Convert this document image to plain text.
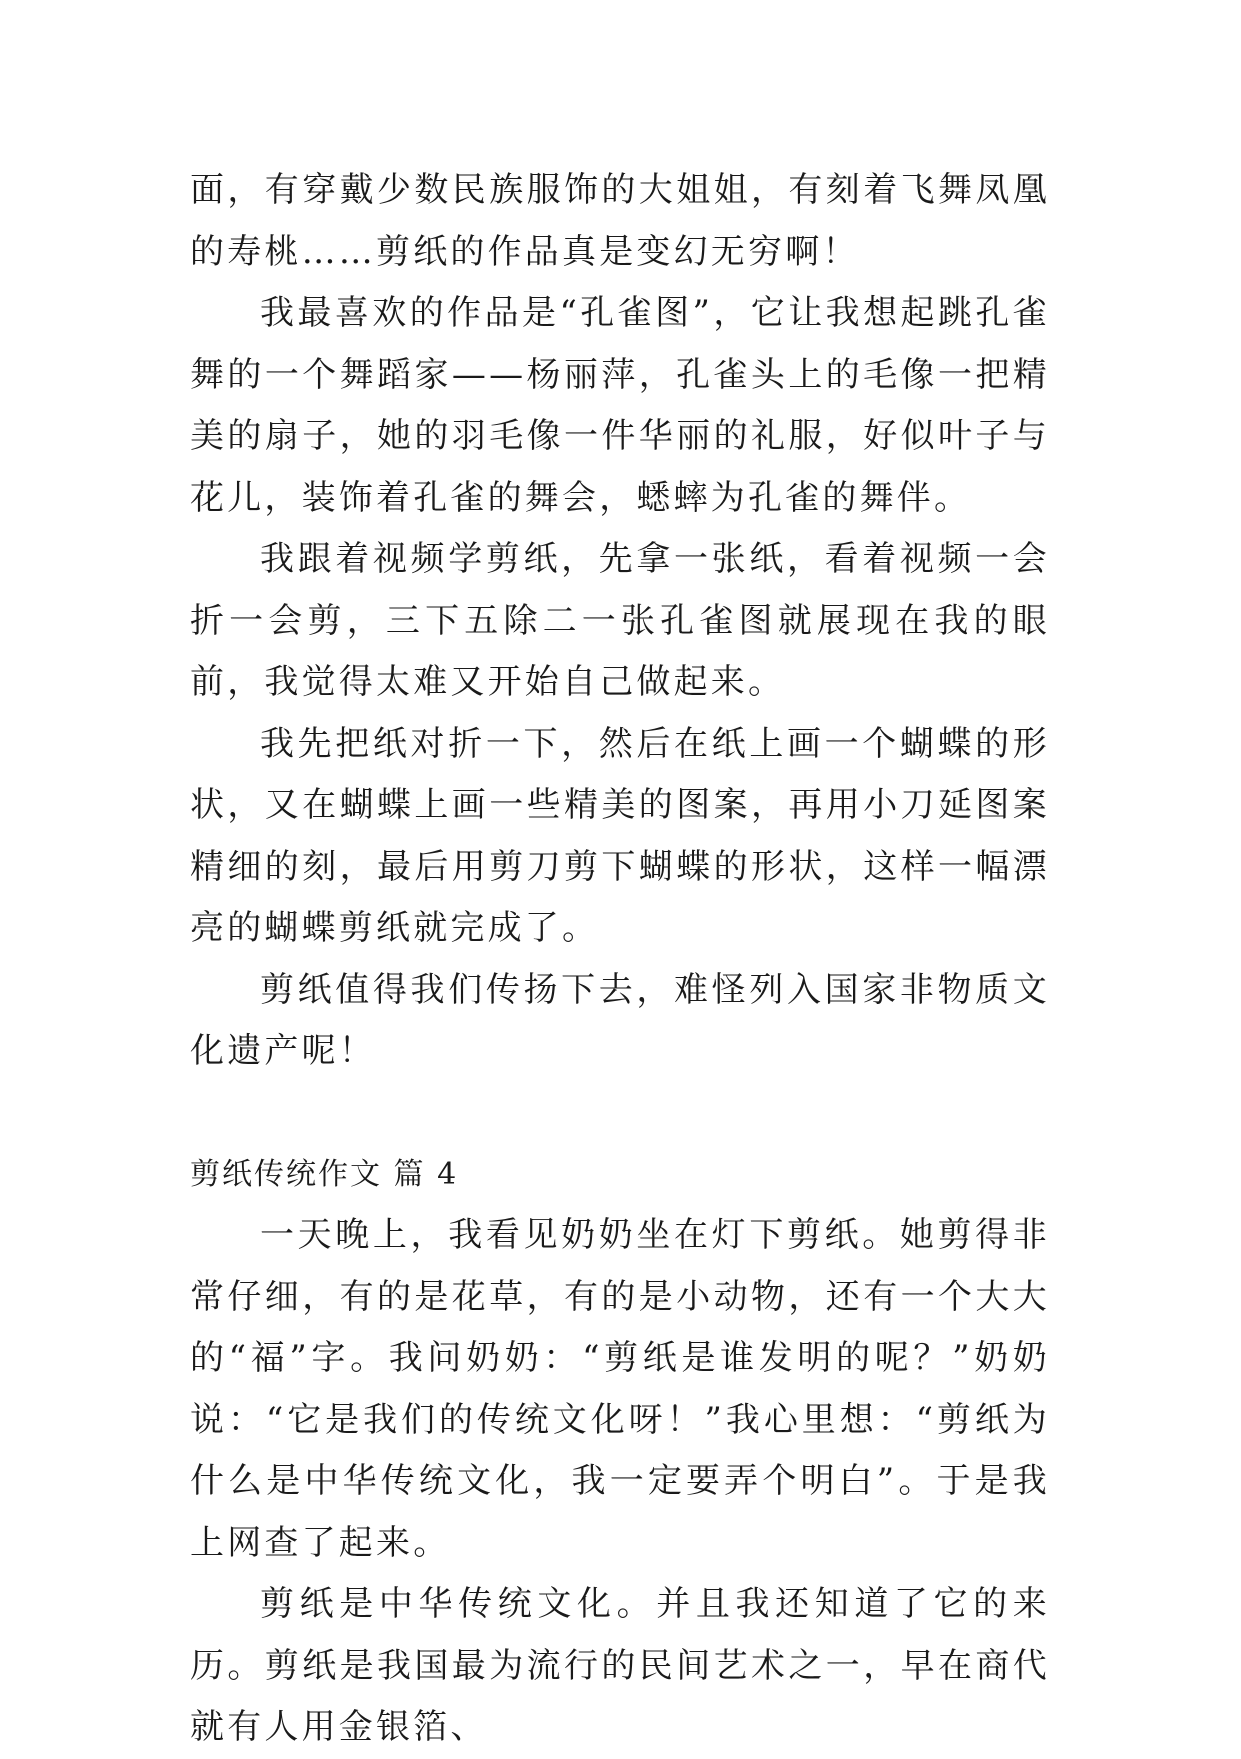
面，有穿戴少数民族服饰的大姐姐，有刻着飞舞凤凰的寿桃……剪纸的作品真是变幻无穷啊！

我最喜欢的作品是“孔雀图”，它让我想起跳孔雀舞的一个舞蹈家——杨丽萍，孔雀头上的毛像一把精美的扇子，她的羽毛像一件华丽的礼服，好似叶子与花儿，装饰着孔雀的舞会，蟋蟀为孔雀的舞伴。

我跟着视频学剪纸，先拿一张纸，看着视频一会折一会剪，三下五除二一张孔雀图就展现在我的眼前，我觉得太难又开始自己做起来。

我先把纸对折一下，然后在纸上画一个蝴蝶的形状，又在蝴蝶上画一些精美的图案，再用小刀延图案精细的刻，最后用剪刀剪下蝴蝶的形状，这样一幅漂亮的蝴蝶剪纸就完成了。

剪纸值得我们传扬下去，难怪列入国家非物质文化遗产呢！

剪纸传统作文 篇 4

一天晚上，我看见奶奶坐在灯下剪纸。她剪得非常仔细，有的是花草，有的是小动物，还有一个大大的“福”字。我问奶奶：“剪纸是谁发明的呢？”奶奶说：“它是我们的传统文化呀！”我心里想：“剪纸为什么是中华传统文化，我一定要弄个明白”。于是我上网查了起来。

剪纸是中华传统文化。并且我还知道了它的来历。剪纸是我国最为流行的民间艺术之一，早在商代就有人用金银箔、
